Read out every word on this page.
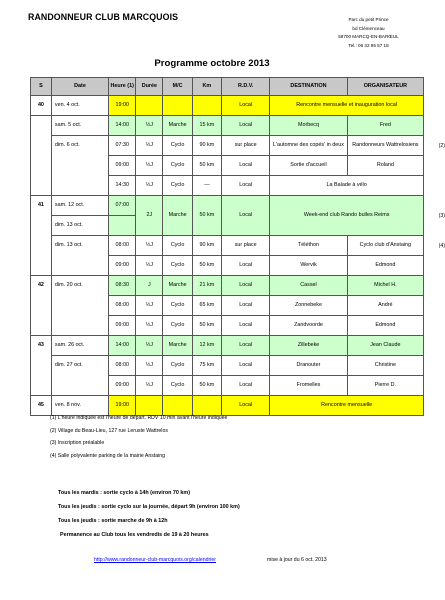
RANDONNEUR CLUB MARCQUOIS	Parc du petit Prince
bd Clémenceau
59700 MARCQ-EN-BARŒUL
Tel.: 06 32 95 57 18
Programme octobre 2013
S	Date	Heure (1)	Durée	M/C	Km	R.D.V.	DESTINATION	ORGANISATEUR
40	ven. 4 oct.	19:00				Local	Rencontre mensuelle et inauguration local	
	sam. 5 oct.	14:00	½J	Marche	15 km	Local	Morbecq	Fred
	dim. 6 oct.	07:30	½J	Cyclo	90 km	sur place	L'automne des copés' in deux	Randonneurs Wattrelosiens (2)

		09:00	½J	Cyclo	50 km	Local	Sortie d'accueil	Roland
		14:30	½J	Cyclo	—	Local	La Balade à vélo	
41	sam. 12 oct.	07:00	2J	Marche	50 km	Local	Week-end club Rando bulles Reims (3)	

	dim. 13 oct.							
	dim. 13 oct.	08:00	½J	Cyclo	90 km	sur place	Téléthon	Cyclo club d'Anstaing (4)

		09:00	½J	Cyclo	50 km	Local	Wervik	Edmond
42	dim. 20 oct.	08:30	J	Marche	21 km	Local	Cassel	Michel H.
		08:00	½J	Cyclo	65 km	Local	Zonnebeke	André
		09:00	½J	Cyclo	50 km	Local	Zandvoorde	Edmond
43	sam. 26 oct.	14:00	½J	Marche	12 km	Local	Zillebeke	Jean Claude
	dim. 27 oct.	08:00	½J	Cyclo	75 km	Local	Dranouter	Christine
		09:00	½J	Cyclo	50 km	Local	Fromelles	Pierre D.
45	ven. 8 nov.	19:00				Local	Rencontre mensuelle	

(1) L'heure indiquée est l'heure de départ. RDV 10 min avant l'heure indiquée

(2) Village du Beau-Lieu, 127 rue Leruste Wattrelos

(3) Inscription préalable

(4) Salle polyvalente parking de la mairie Anstaing

Tous les mardis : sortie cyclo à 14h (environ 70 km)

Tous les jeudis : sortie cyclo sur la journée, départ 9h (environ 100 km)

Tous les jeudis : sortie marche de 9h à 12h

Permanence au Club tous les vendredis de 19 à 20 heures

http://www.randonneur-club-marcquois.org/calendrier	mise à jour du 6 oct. 2013
